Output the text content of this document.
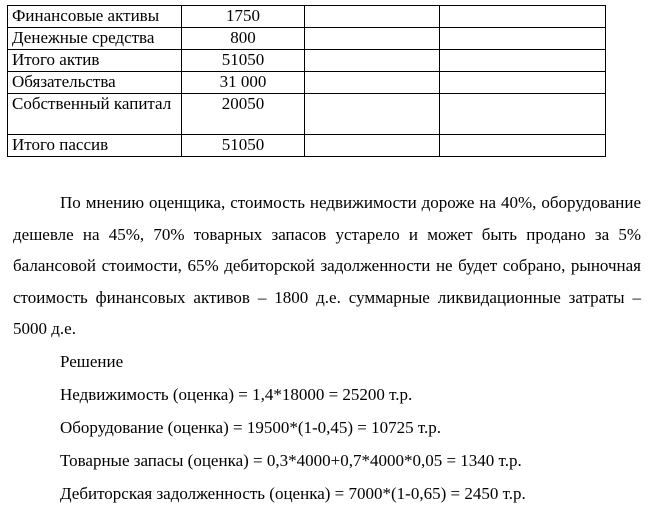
Финансовые активы	1750		
Денежные средства	800		
Итого актив	51050		
Обязательства	31 000		
Собственный капитал	20050		
Итого пассив	51050		

По мнению оценщика, стоимость недвижимости дороже на 40%, оборудование дешевле на 45%, 70% товарных запасов устарело и может быть продано за 5% балансовой стоимости, 65% дебиторской задолженности не будет собрано, рыночная стоимость финансовых активов – 1800 д.е. суммарные ликвидационные затраты – 5000 д.е.

Решение

Недвижимость (оценка) = 1,4*18000 = 25200 т.р.

Оборудование (оценка) = 19500*(1-0,45) = 10725 т.р.

Товарные запасы (оценка) = 0,3*4000+0,7*4000*0,05 = 1340 т.р.

Дебиторская задолженность (оценка) = 7000*(1-0,65) = 2450 т.р.
